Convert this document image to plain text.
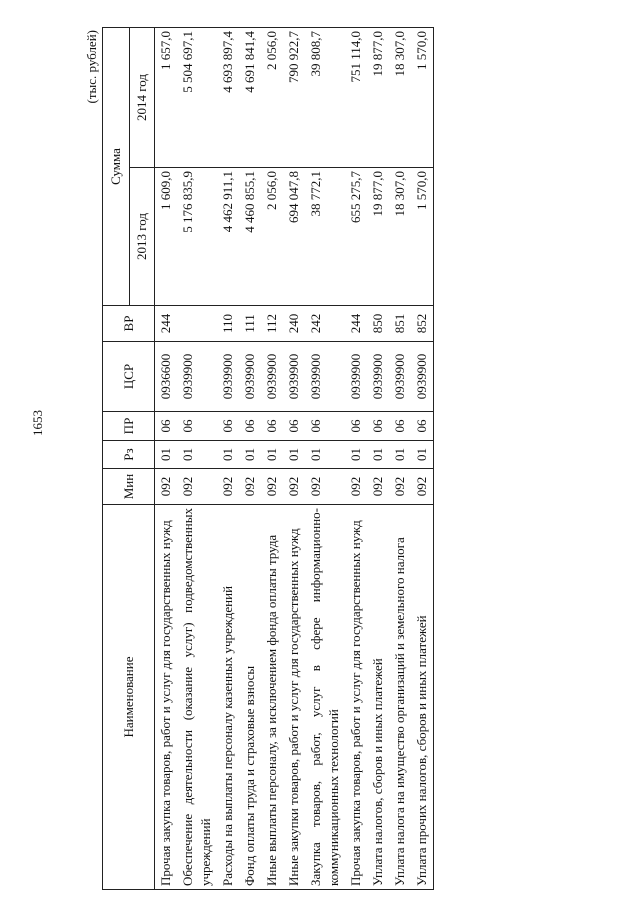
1653
(тыс. рублей)
Наименование	Мин	Рз	ПР	ЦСР	ВР	Сумма	
						2013 год	2014 год
Прочая закупка товаров, работ и услуг для государственных нужд	092	01	06	0936600	244	1 609,0	1 657,0
Обеспечение деятельности (оказание услуг) подведомственных учреждений	092	01	06	0939900		5 176 835,9	5 504 697,1
Расходы на выплаты персоналу казенных учреждений	092	01	06	0939900	110	4 462 911,1	4 693 897,4
Фонд оплаты труда и страховые взносы	092	01	06	0939900	111	4 460 855,1	4 691 841,4
Иные выплаты персоналу, за исключением фонда оплаты труда	092	01	06	0939900	112	2 056,0	2 056,0
Иные закупки товаров, работ и услуг для государственных нужд	092	01	06	0939900	240	694 047,8	790 922,7
Закупка товаров, работ, услуг в сфере информационно-коммуникационных технологий	092	01	06	0939900	242	38 772,1	39 808,7
Прочая закупка товаров, работ и услуг для государственных нужд	092	01	06	0939900	244	655 275,7	751 114,0
Уплата налогов, сборов и иных платежей	092	01	06	0939900	850	19 877,0	19 877,0
Уплата налога на имущество организаций и земельного налога	092	01	06	0939900	851	18 307,0	18 307,0
Уплата прочих налогов, сборов и иных платежей	092	01	06	0939900	852	1 570,0	1 570,0
